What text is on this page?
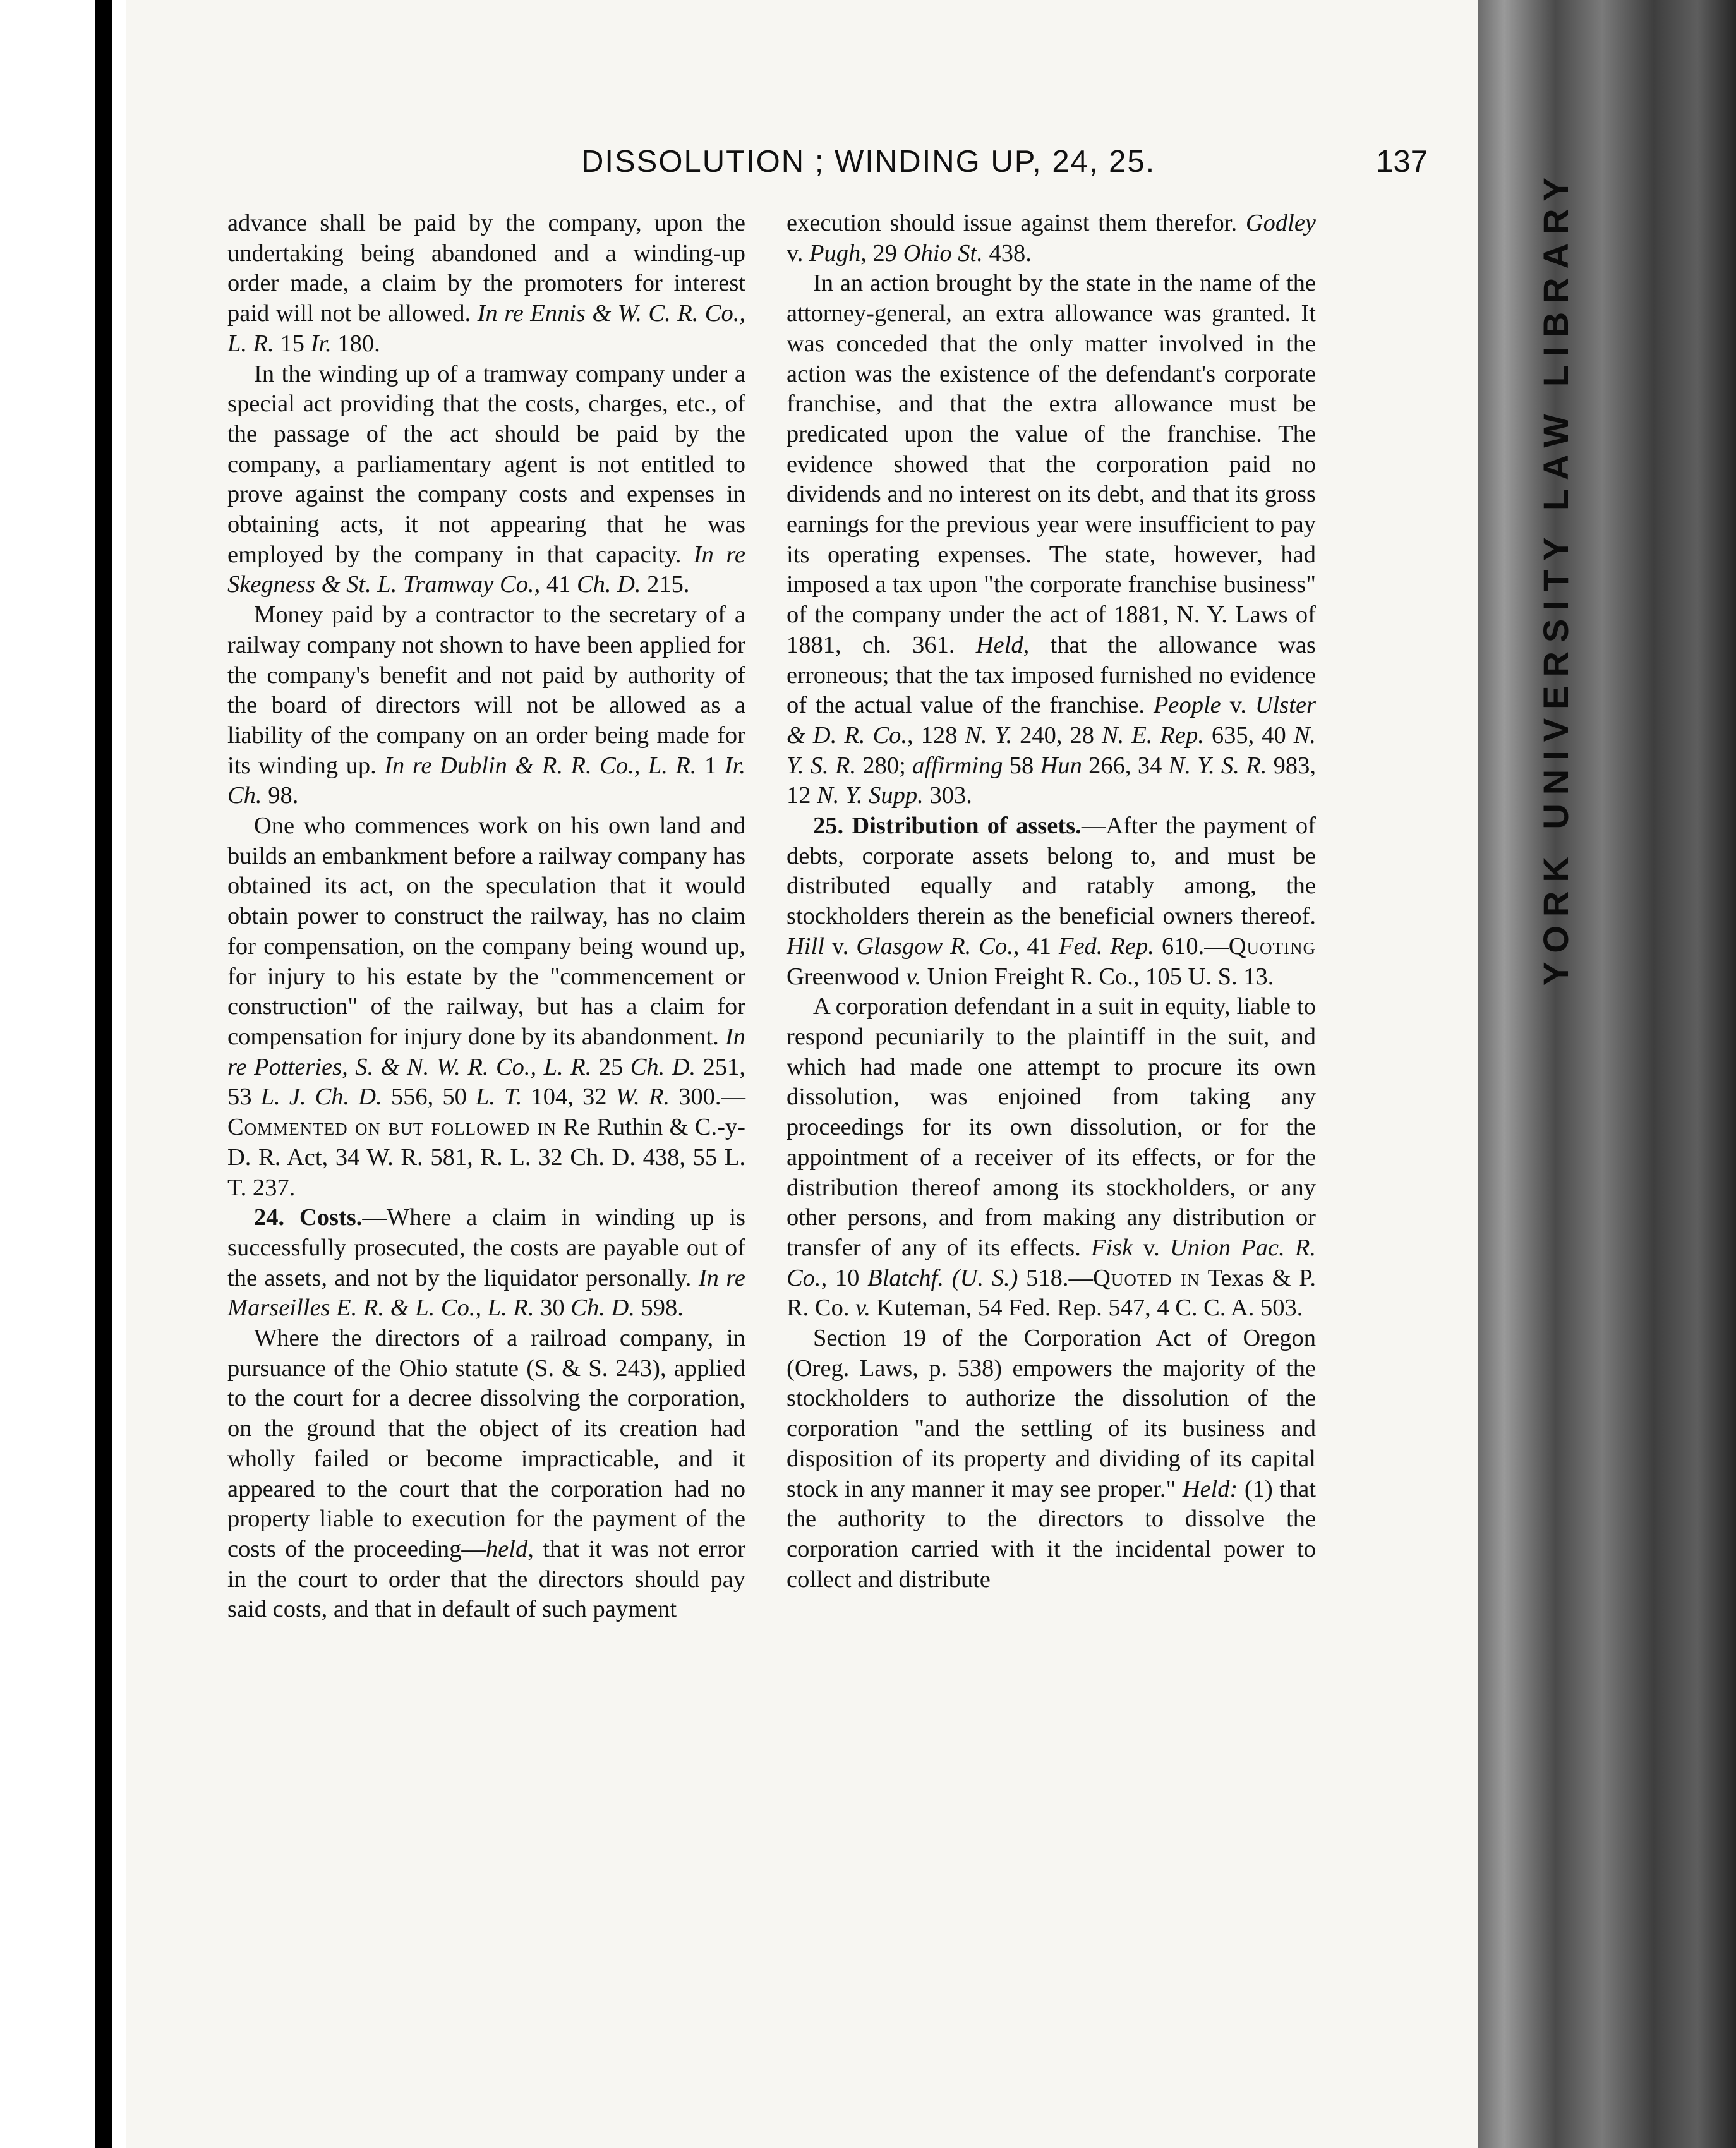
DISSOLUTION ; WINDING UP, 24, 25.	137

advance shall be paid by the company, upon the undertaking being abandoned and a winding-up order made, a claim by the promoters for interest paid will not be allowed. In re Ennis & W. C. R. Co., L. R. 15 Ir. 180.

In the winding up of a tramway company under a special act providing that the costs, charges, etc., of the passage of the act should be paid by the company, a parliamentary agent is not entitled to prove against the company costs and expenses in obtaining acts, it not appearing that he was employed by the company in that capacity. In re Skegness & St. L. Tramway Co., 41 Ch. D. 215.

Money paid by a contractor to the secretary of a railway company not shown to have been applied for the company's benefit and not paid by authority of the board of directors will not be allowed as a liability of the company on an order being made for its winding up. In re Dublin & R. R. Co., L. R. 1 Ir. Ch. 98.

One who commences work on his own land and builds an embankment before a railway company has obtained its act, on the speculation that it would obtain power to construct the railway, has no claim for compensation, on the company being wound up, for injury to his estate by the "commencement or construction" of the railway, but has a claim for compensation for injury done by its abandonment. In re Potteries, S. & N. W. R. Co., L. R. 25 Ch. D. 251, 53 L. J. Ch. D. 556, 50 L. T. 104, 32 W. R. 300.—Commented on but followed in Re Ruthin & C.-y-D. R. Act, 34 W. R. 581, R. L. 32 Ch. D. 438, 55 L. T. 237.

24. Costs.—Where a claim in winding up is successfully prosecuted, the costs are payable out of the assets, and not by the liquidator personally. In re Marseilles E. R. & L. Co., L. R. 30 Ch. D. 598.

Where the directors of a railroad company, in pursuance of the Ohio statute (S. & S. 243), applied to the court for a decree dissolving the corporation, on the ground that the object of its creation had wholly failed or become impracticable, and it appeared to the court that the corporation had no property liable to execution for the payment of the costs of the proceeding—held, that it was not error in the court to order that the directors should pay said costs, and that in default of such payment

execution should issue against them therefor. Godley v. Pugh, 29 Ohio St. 438.

In an action brought by the state in the name of the attorney-general, an extra allowance was granted. It was conceded that the only matter involved in the action was the existence of the defendant's corporate franchise, and that the extra allowance must be predicated upon the value of the franchise. The evidence showed that the corporation paid no dividends and no interest on its debt, and that its gross earnings for the previous year were insufficient to pay its operating expenses. The state, however, had imposed a tax upon "the corporate franchise business" of the company under the act of 1881, N. Y. Laws of 1881, ch. 361. Held, that the allowance was erroneous; that the tax imposed furnished no evidence of the actual value of the franchise. People v. Ulster & D. R. Co., 128 N. Y. 240, 28 N. E. Rep. 635, 40 N. Y. S. R. 280; affirming 58 Hun 266, 34 N. Y. S. R. 983, 12 N. Y. Supp. 303.

25. Distribution of assets.—After the payment of debts, corporate assets belong to, and must be distributed equally and ratably among, the stockholders therein as the beneficial owners thereof. Hill v. Glasgow R. Co., 41 Fed. Rep. 610.—Quoting Greenwood v. Union Freight R. Co., 105 U. S. 13.

A corporation defendant in a suit in equity, liable to respond pecuniarily to the plaintiff in the suit, and which had made one attempt to procure its own dissolution, was enjoined from taking any proceedings for its own dissolution, or for the appointment of a receiver of its effects, or for the distribution thereof among its stockholders, or any other persons, and from making any distribution or transfer of any of its effects. Fisk v. Union Pac. R. Co., 10 Blatchf. (U. S.) 518.—Quoted in Texas & P. R. Co. v. Kuteman, 54 Fed. Rep. 547, 4 C. C. A. 503.

Section 19 of the Corporation Act of Oregon (Oreg. Laws, p. 538) empowers the majority of the stockholders to authorize the dissolution of the corporation "and the settling of its business and disposition of its property and dividing of its capital stock in any manner it may see proper." Held: (1) that the authority to the directors to dissolve the corporation carried with it the incidental power to collect and distribute

YORK UNIVERSITY LAW LIBRARY
